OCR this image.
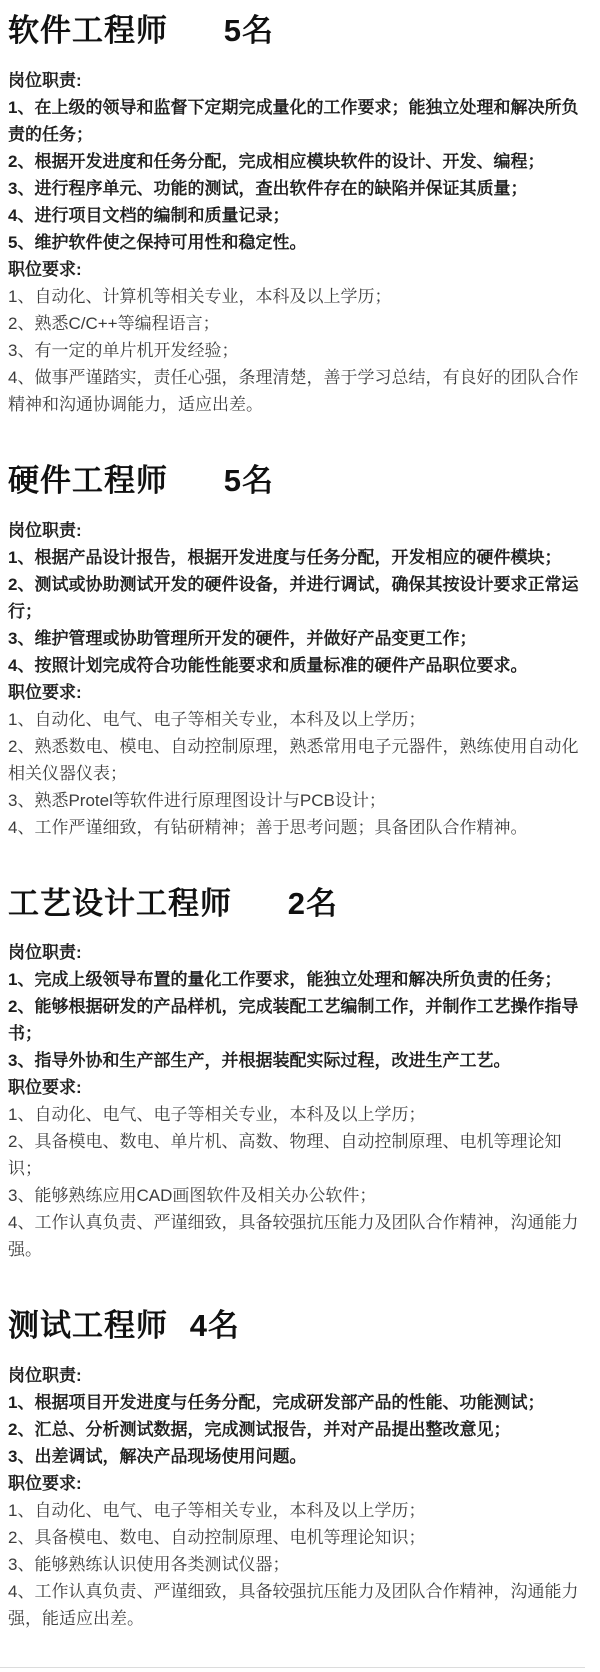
软件工程师 5名

岗位职责:

1、在上级的领导和监督下定期完成量化的工作要求；能独立处理和解决所负责的任务；

2、根据开发进度和任务分配，完成相应模块软件的设计、开发、编程；

3、进行程序单元、功能的测试，查出软件存在的缺陷并保证其质量；

4、进行项目文档的编制和质量记录；

5、维护软件使之保持可用性和稳定性。

职位要求:

1、自动化、计算机等相关专业，本科及以上学历；

2、熟悉C/C++等编程语言；

3、有一定的单片机开发经验；

4、做事严谨踏实，责任心强，条理清楚，善于学习总结，有良好的团队合作精神和沟通协调能力，适应出差。

硬件工程师 5名

岗位职责:

1、根据产品设计报告，根据开发进度与任务分配，开发相应的硬件模块；

2、测试或协助测试开发的硬件设备，并进行调试，确保其按设计要求正常运行；

3、维护管理或协助管理所开发的硬件，并做好产品变更工作；

4、按照计划完成符合功能性能要求和质量标准的硬件产品职位要求。

职位要求:

1、自动化、电气、电子等相关专业，本科及以上学历；

2、熟悉数电、模电、自动控制原理，熟悉常用电子元器件，熟练使用自动化相关仪器仪表；

3、熟悉Protel等软件进行原理图设计与PCB设计；

4、工作严谨细致，有钻研精神；善于思考问题；具备团队合作精神。

工艺设计工程师 2名

岗位职责:

1、完成上级领导布置的量化工作要求，能独立处理和解决所负责的任务；

2、能够根据研发的产品样机，完成装配工艺编制工作，并制作工艺操作指导书；

3、指导外协和生产部生产，并根据装配实际过程，改进生产工艺。

职位要求:

1、自动化、电气、电子等相关专业，本科及以上学历；

2、具备模电、数电、单片机、高数、物理、自动控制原理、电机等理论知识；

3、能够熟练应用CAD画图软件及相关办公软件；

4、工作认真负责、严谨细致，具备较强抗压能力及团队合作精神，沟通能力强。

测试工程师 4名

岗位职责:

1、根据项目开发进度与任务分配，完成研发部产品的性能、功能测试；

2、汇总、分析测试数据，完成测试报告，并对产品提出整改意见；

3、出差调试，解决产品现场使用问题。

职位要求:

1、自动化、电气、电子等相关专业，本科及以上学历；

2、具备模电、数电、自动控制原理、电机等理论知识；

3、能够熟练认识使用各类测试仪器；

4、工作认真负责、严谨细致，具备较强抗压能力及团队合作精神，沟通能力强，能适应出差。
